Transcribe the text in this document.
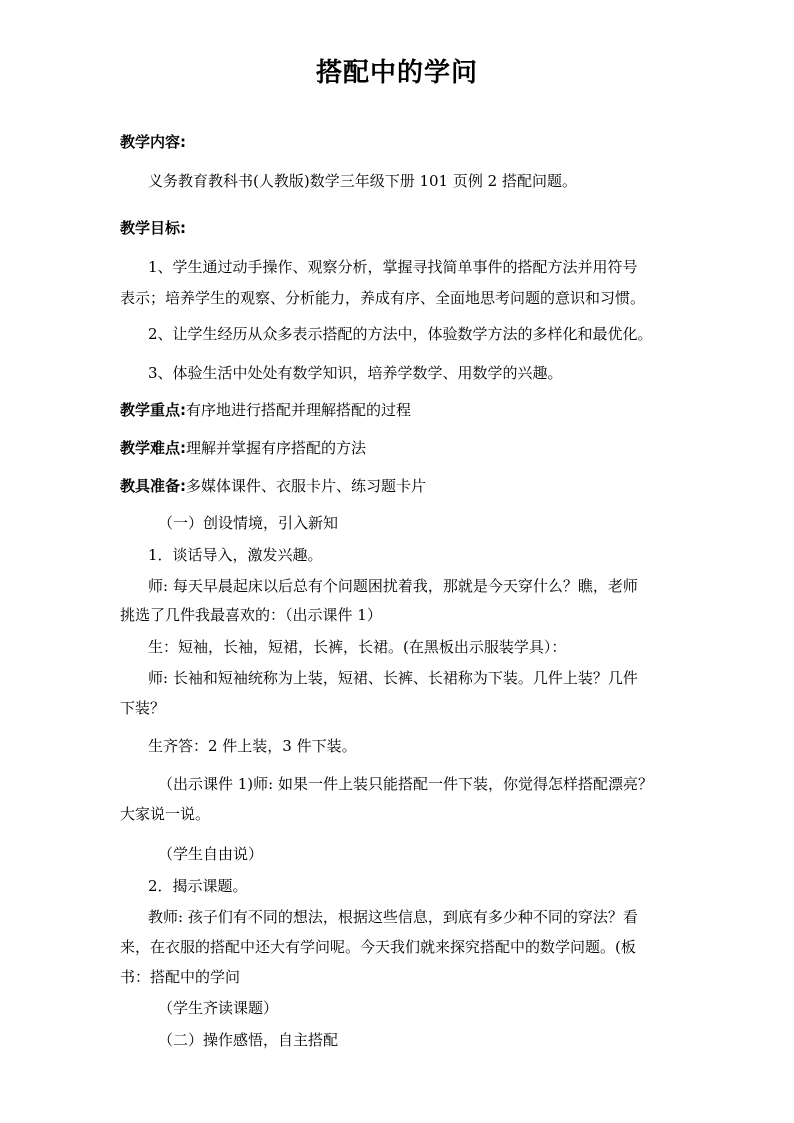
搭配中的学问
教学内容:
义务教育教科书(人教版)数学三年级下册 101 页例 2 搭配问题。
教学目标:
1、学生通过动手操作、观察分析，掌握寻找简单事件的搭配方法并用符号
表示；培养学生的观察、分析能力，养成有序、全面地思考问题的意识和习惯。
2、让学生经历从众多表示搭配的方法中，体验数学方法的多样化和最优化。
3、体验生活中处处有数学知识，培养学数学、用数学的兴趣。
教学重点:有序地进行搭配并理解搭配的过程
教学难点:理解并掌握有序搭配的方法
教具准备:多媒体课件、衣服卡片、练习题卡片
（一）创设情境，引入新知
1．谈话导入，激发兴趣。
师: 每天早晨起床以后总有个问题困扰着我，那就是今天穿什么？瞧，老师
挑选了几件我最喜欢的：（出示课件 1）
生：短袖，长袖，短裙，长裤，长裙。(在黑板出示服装学具）：
师: 长袖和短袖统称为上装，短裙、长裤、长裙称为下装。几件上装？几件
下装？
生齐答：2 件上装，3 件下装。
（出示课件 1)师: 如果一件上装只能搭配一件下装，你觉得怎样搭配漂亮？
大家说一说。
（学生自由说）
2．揭示课题。
教师: 孩子们有不同的想法，根据这些信息，到底有多少种不同的穿法？看
来，在衣服的搭配中还大有学问呢。今天我们就来探究搭配中的数学问题。(板
书：搭配中的学问
（学生齐读课题）
（二）操作感悟，自主搭配
